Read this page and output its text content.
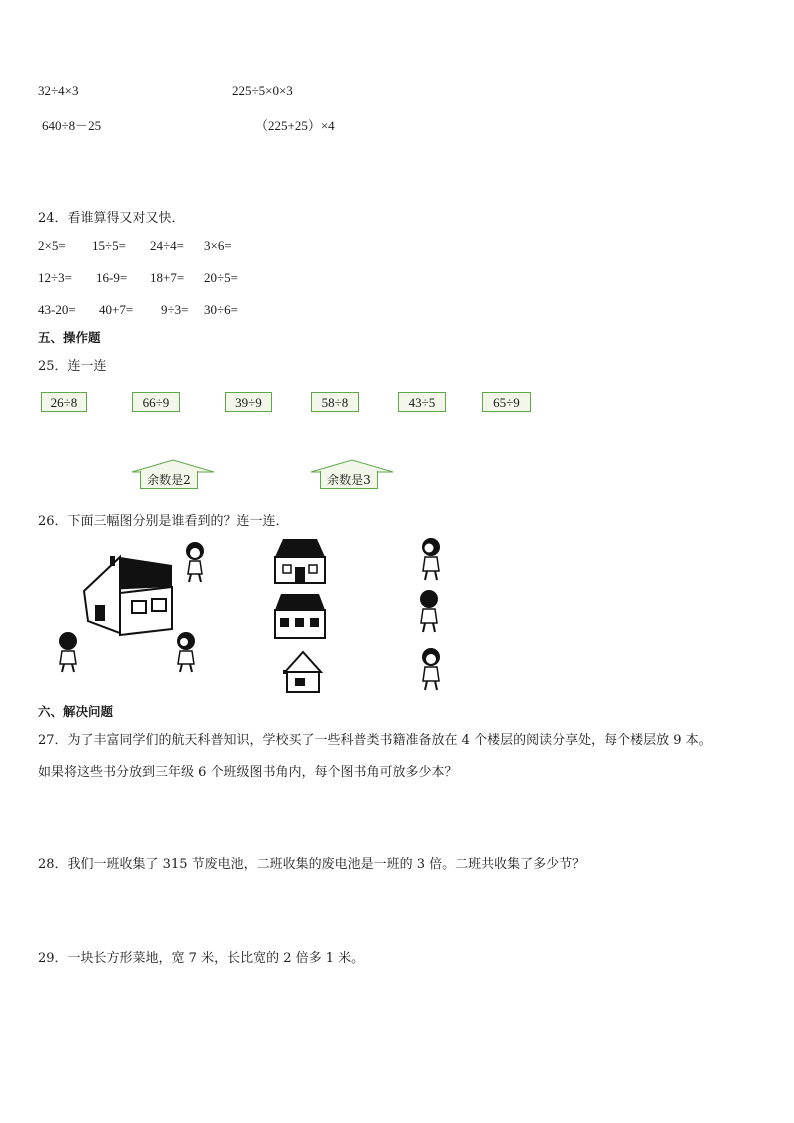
32÷4×3	225÷5×0×3
640÷8－25	（225+25）×4
24．看谁算得又对又快．
2×5= 15÷5= 24÷4= 3×6=
12÷3= 16-9= 18+7= 20÷5=
43-20= 40+7= 9÷3= 30÷6=
五、操作题
25．连一连
26÷8	66÷9	39÷9	58÷8	43÷5	65÷9
余数是2	余数是3
26．下面三幅图分别是谁看到的？连一连．
六、解决问题
27．为了丰富同学们的航天科普知识，学校买了一些科普类书籍准备放在 4 个楼层的阅读分享处，每个楼层放 9 本。
如果将这些书分放到三年级 6 个班级图书角内，每个图书角可放多少本？
28．我们一班收集了 315 节废电池，二班收集的废电池是一班的 3 倍。二班共收集了多少节？
29．一块长方形菜地，宽 7 米，长比宽的 2 倍多 1 米。
